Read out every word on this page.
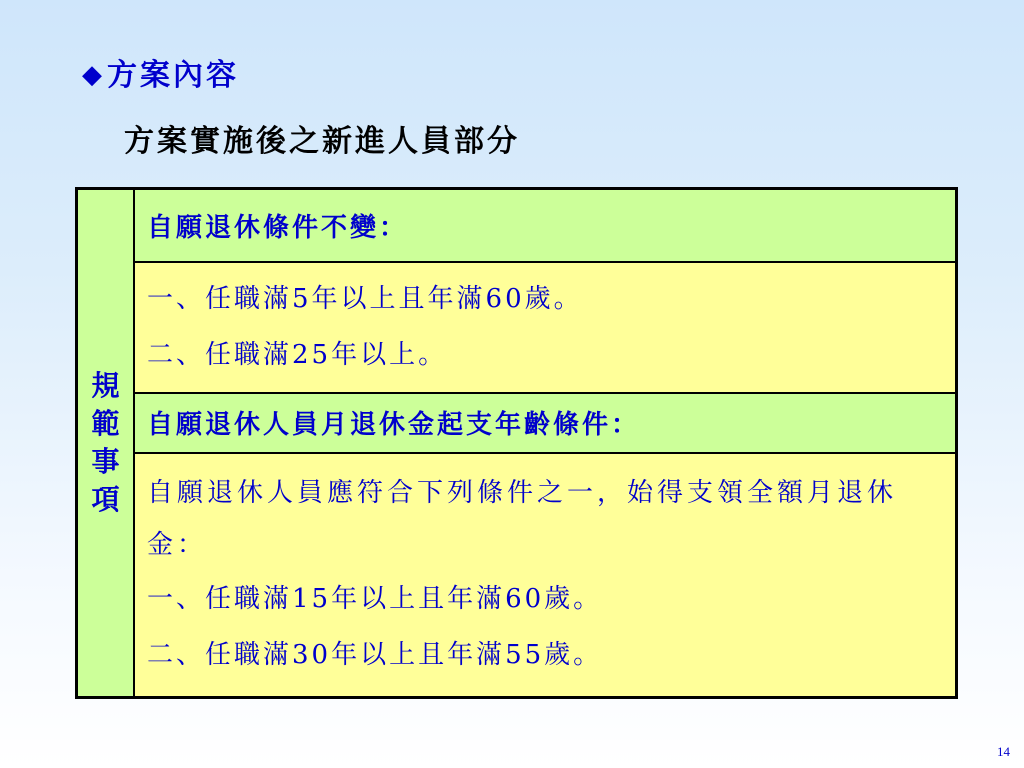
◆方案內容
方案實施後之新進人員部分
規範事項	自願退休條件不變：

一、任職滿5年以上且年滿60歲。
二、任職滿25年以上。

自願退休人員月退休金起支年齡條件：

自願退休人員應符合下列條件之一，始得支領全額月退休金：
一、任職滿15年以上且年滿60歲。
二、任職滿30年以上且年滿55歲。
14
